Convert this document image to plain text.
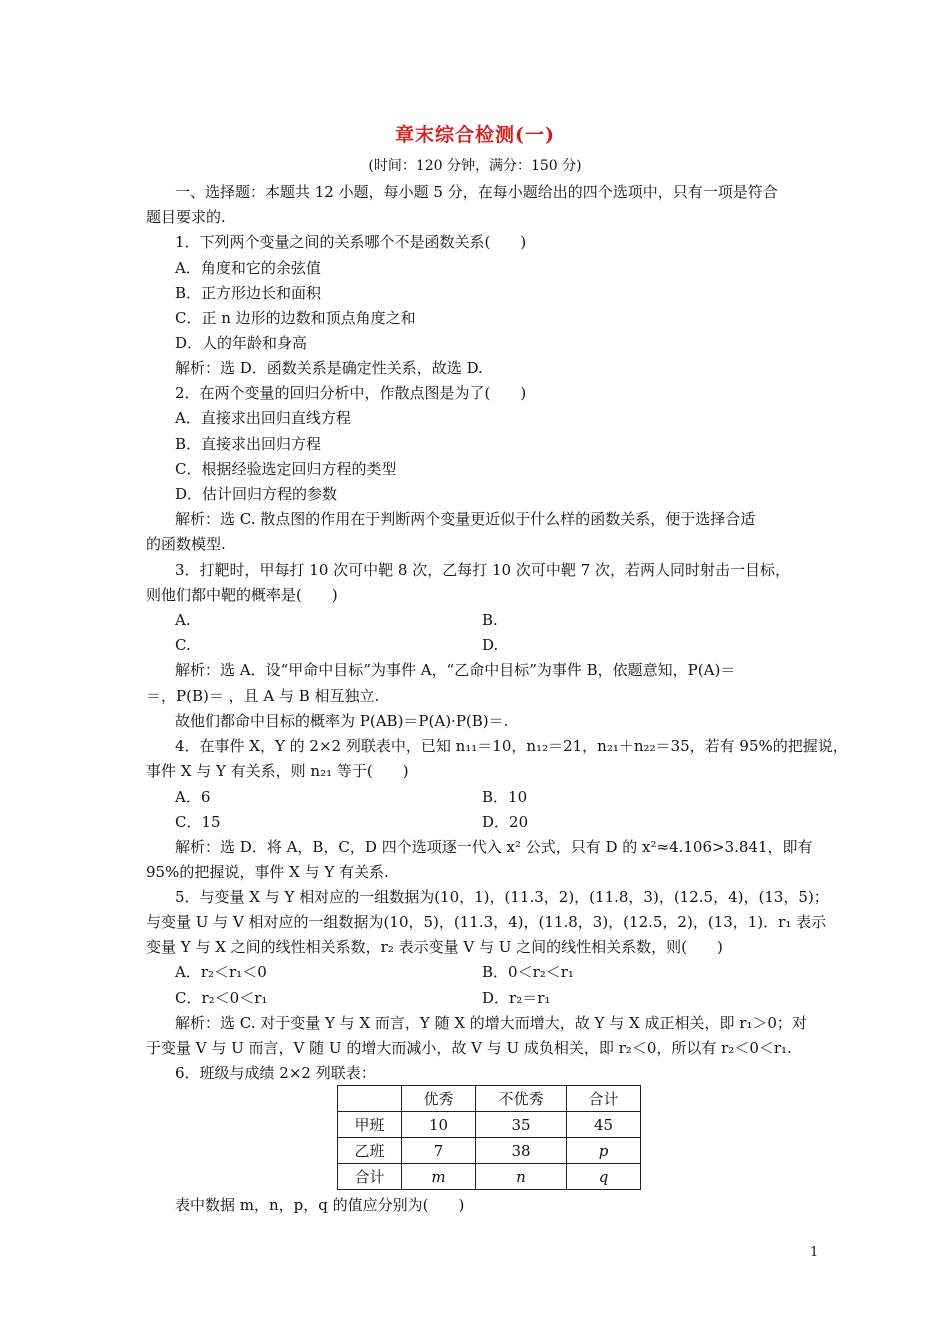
章末综合检测(一)
(时间：120 分钟，满分：150 分)
一、选择题：本题共 12 小题，每小题 5 分，在每小题给出的四个选项中，只有一项是符合
题目要求的.
1．下列两个变量之间的关系哪个不是函数关系(　　)
A．角度和它的余弦值
B．正方形边长和面积
C．正 n 边形的边数和顶点角度之和
D．人的年龄和身高
解析：选 D．函数关系是确定性关系，故选 D.
2．在两个变量的回归分析中，作散点图是为了(　　)
A．直接求出回归直线方程
B．直接求出回归方程
C．根据经验选定回归方程的类型
D．估计回归方程的参数
解析：选 C. 散点图的作用在于判断两个变量更近似于什么样的函数关系，便于选择合适
的函数模型.
3．打靶时，甲每打 10 次可中靶 8 次，乙每打 10 次可中靶 7 次，若两人同时射击一目标，
则他们都中靶的概率是(　　)
A.	B.
C.	D.
解析：选 A．设“甲命中目标”为事件 A，“乙命中目标”为事件 B，依题意知，P(A)＝
＝，P(B)＝ ，且 A 与 B 相互独立.
故他们都命中目标的概率为 P(AB)＝P(A)·P(B)＝.
4．在事件 X，Y 的 2×2 列联表中，已知 n₁₁＝10，n₁₂＝21，n₂₁＋n₂₂＝35，若有 95%的把握说，
事件 X 与 Y 有关系，则 n₂₁ 等于(　　)
A．6	B．10
C．15	D．20
解析：选 D．将 A，B，C，D 四个选项逐一代入 x² 公式，只有 D 的 x²≈4.106>3.841，即有
95%的把握说，事件 X 与 Y 有关系.
5．与变量 X 与 Y 相对应的一组数据为(10，1)，(11.3，2)，(11.8，3)，(12.5，4)，(13，5)；
与变量 U 与 V 相对应的一组数据为(10，5)，(11.3，4)，(11.8，3)，(12.5，2)，(13，1)．r₁ 表示
变量 Y 与 X 之间的线性相关系数，r₂ 表示变量 V 与 U 之间的线性相关系数，则(　　)
A．r₂＜r₁＜0	B．0＜r₂＜r₁
C．r₂＜0＜r₁	D．r₂＝r₁
解析：选 C. 对于变量 Y 与 X 而言，Y 随 X 的增大而增大，故 Y 与 X 成正相关，即 r₁＞0；对
于变量 V 与 U 而言，V 随 U 的增大而减小，故 V 与 U 成负相关，即 r₂＜0，所以有 r₂＜0＜r₁.
6．班级与成绩 2×2 列联表：
	优秀	不优秀	合计
甲班	10	35	45
乙班	7	38	p
合计	m	n	q
表中数据 m，n，p，q 的值应分别为(　　)
1
